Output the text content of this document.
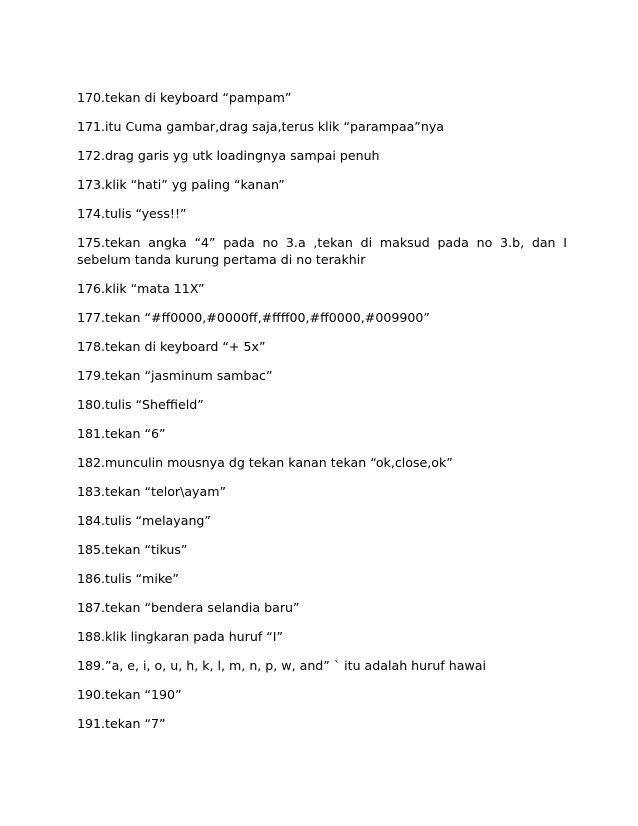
170.tekan di keyboard “pampam”

171.itu Cuma gambar,drag saja,terus klik “parampaa”nya

172.drag garis yg utk loadingnya sampai penuh

173.klik “hati” yg paling “kanan”

174.tulis “yess!!”

175.tekan angka “4” pada no 3.a ,tekan di maksud pada no 3.b, dan I

sebelum tanda kurung pertama di no terakhir

176.klik “mata 11X”

177.tekan “#ff0000,#0000ff,#ffff00,#ff0000,#009900”

178.tekan di keyboard “+ 5x”

179.tekan “jasminum sambac”

180.tulis “Sheffield”

181.tekan “6”

182.munculin mousnya dg tekan kanan tekan “ok,close,ok”

183.tekan “telor\ayam”

184.tulis “melayang”

185.tekan “tikus”

186.tulis “mike”

187.tekan “bendera selandia baru”

188.klik lingkaran pada huruf “I”

189.”a, e, i, o, u, h, k, l, m, n, p, w, and” ` itu adalah huruf hawai

190.tekan “190”

191.tekan “7”
